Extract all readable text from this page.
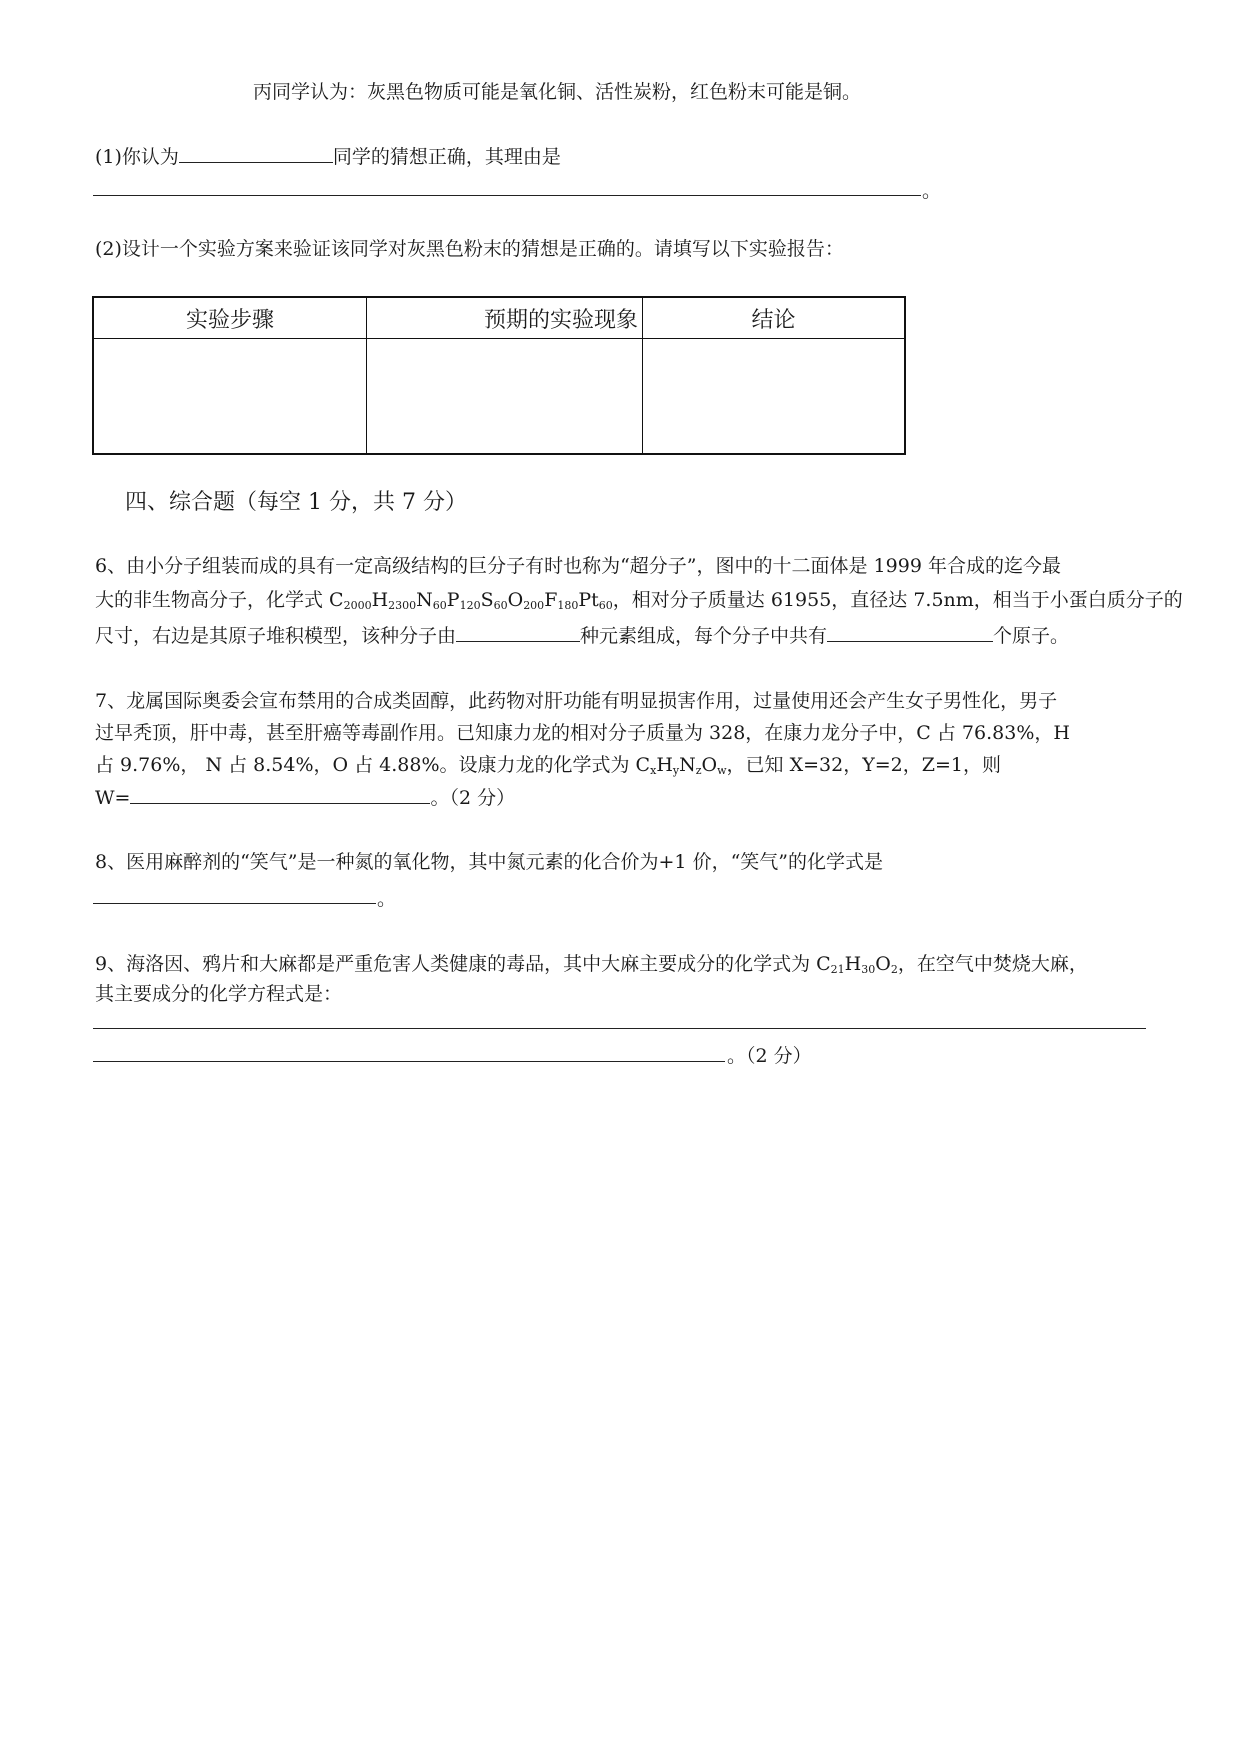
丙同学认为：灰黑色物质可能是氧化铜、活性炭粉，红色粉末可能是铜。
(1)你认为	同学的猜想正确，其理由是
。
(2)设计一个实验方案来验证该同学对灰黑色粉末的猜想是正确的。请填写以下实验报告：
实验步骤	预期的实验现象	结论

四、综合题（每空 1 分，共 7 分）
6、由小分子组装而成的具有一定高级结构的巨分子有时也称为“超分子”，图中的十二面体是 1999 年合成的迄今最
大的非生物高分子，化学式 $C_{2000}H_{2300}N_{60}P_{120}S_{60}O_{200}F_{180}Pt_{60}$，相对分子质量达 61955，直径达 7.5nm，相当于小蛋白质分子的
尺寸，右边是其原子堆积模型，该种分子由	种元素组成，每个分子中共有	个原子。
7、龙属国际奥委会宣布禁用的合成类固醇，此药物对肝功能有明显损害作用，过量使用还会产生女子男性化，男子
过早秃顶，肝中毒，甚至肝癌等毒副作用。已知康力龙的相对分子质量为 328，在康力龙分子中，C 占 76.83%，H
占 9.76%， N 占 8.54%，O 占 4.88%。设康力龙的化学式为 $C_xH_yN_zO_w$，已知 X=32，Y=2，Z=1，则
W=	。（2 分）
8、医用麻醉剂的“笑气”是一种氮的氧化物，其中氮元素的化合价为+1 价，“笑气”的化学式是
。
9、海洛因、鸦片和大麻都是严重危害人类健康的毒品，其中大麻主要成分的化学式为 $C_{21}H_{30}O_2$，在空气中焚烧大麻，
其主要成分的化学方程式是：
。（2 分）
